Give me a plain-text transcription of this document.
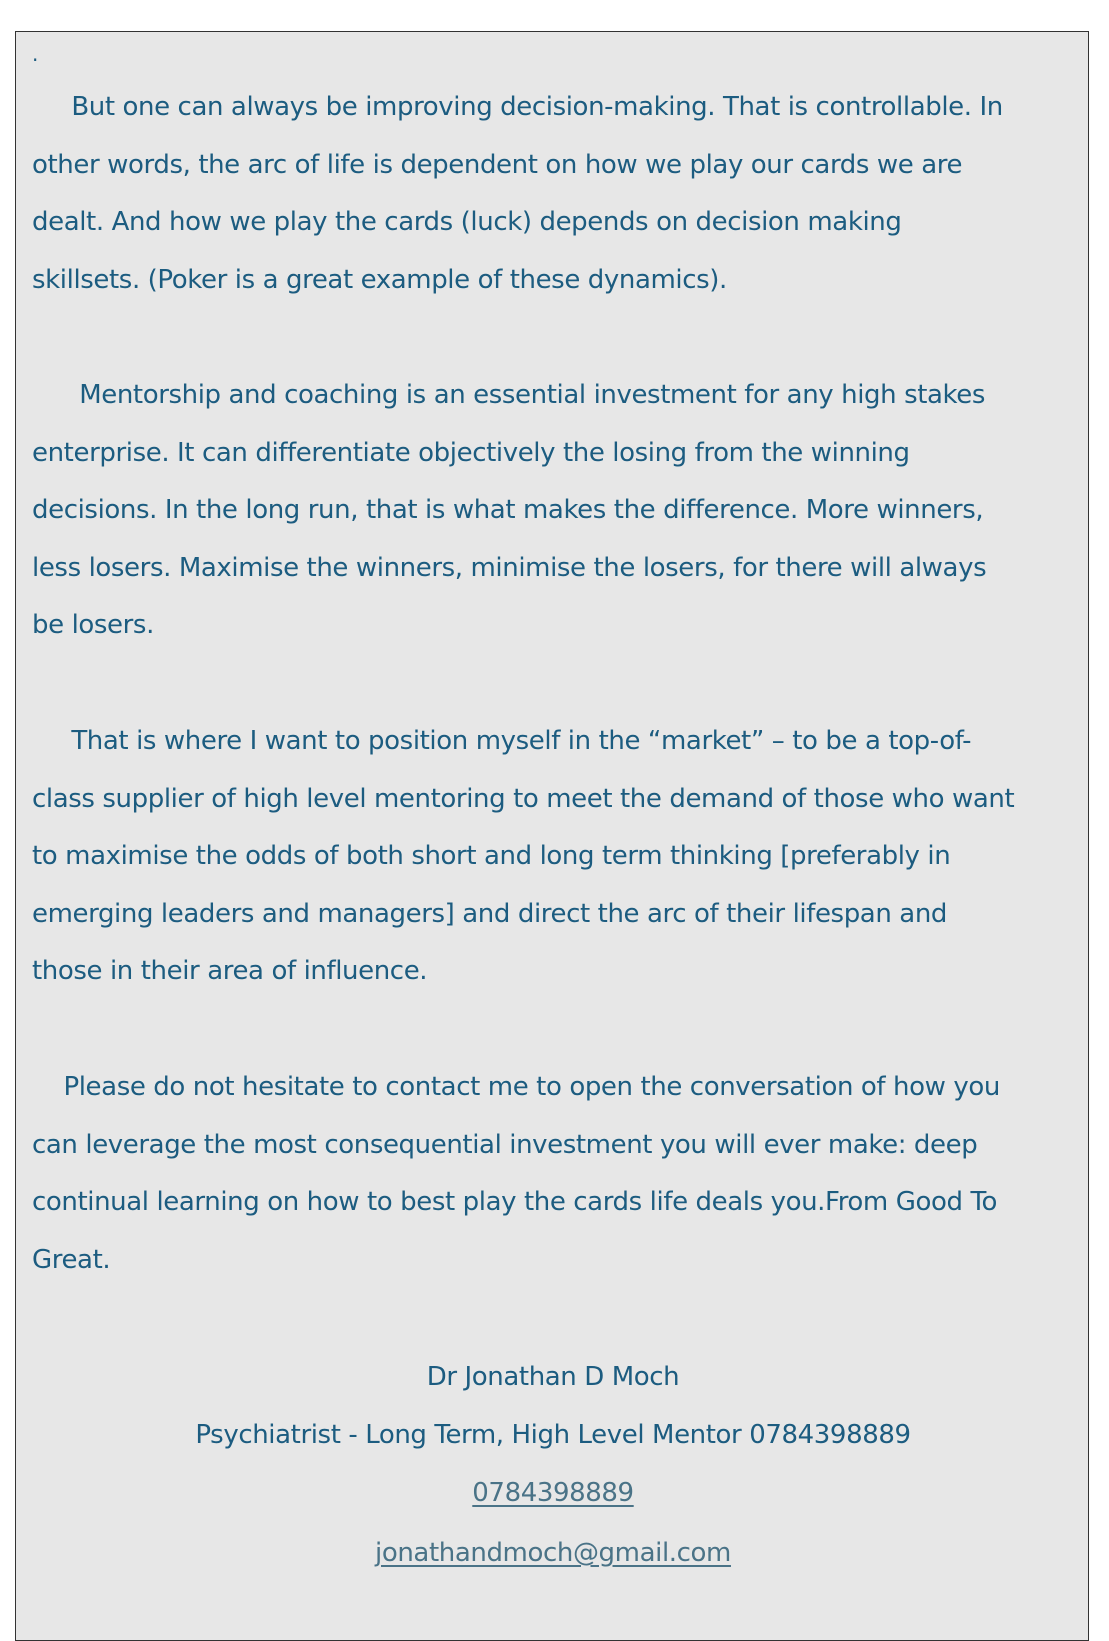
.
But one can always be improving decision-making. That is controllable. In
other words, the arc of life is dependent on how we play our cards we are
dealt. And how we play the cards (luck) depends on decision making
skillsets. (Poker is a great example of these dynamics).
Mentorship and coaching is an essential investment for any high stakes
enterprise. It can differentiate objectively the losing from the winning
decisions. In the long run, that is what makes the difference. More winners,
less losers. Maximise the winners, minimise the losers, for there will always
be losers.
That is where I want to position myself in the “market” – to be a top-of-
class supplier of high level mentoring to meet the demand of those who want
to maximise the odds of both short and long term thinking [preferably in
emerging leaders and managers] and direct the arc of their lifespan and
those in their area of influence.
Please do not hesitate to contact me to open the conversation of how you
can leverage the most consequential investment you will ever make: deep
continual learning on how to best play the cards life deals you.From Good To
Great.
Dr Jonathan D Moch
Psychiatrist - Long Term, High Level Mentor 0784398889
0784398889
jonathandmoch@gmail.com
